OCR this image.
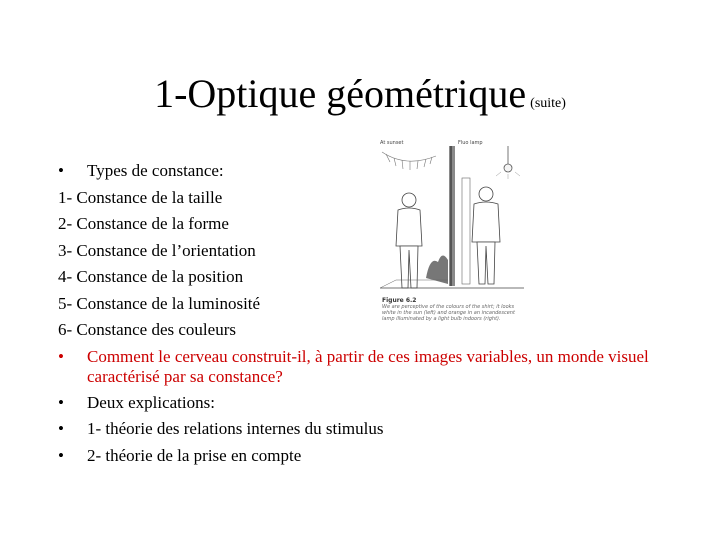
1-Optique géométrique (suite)
At sunset	Fluo lamp
Figure 6.2
We are perceptive of the colours of the shirt; it looks white in the sun (left) and orange in an incandescent lamp illuminated by a light bulb indoors (right).
• Types de constance:
1- Constance de la taille
2- Constance de la forme
3- Constance de l’orientation
4- Constance de la position
5- Constance de la luminosité
6- Constance des couleurs
• Comment le cerveau construit-il, à partir de ces images variables, un monde visuel caractérisé par sa constance?
• Deux explications:
• 1- théorie des relations internes du stimulus
• 2- théorie de la prise en compte
